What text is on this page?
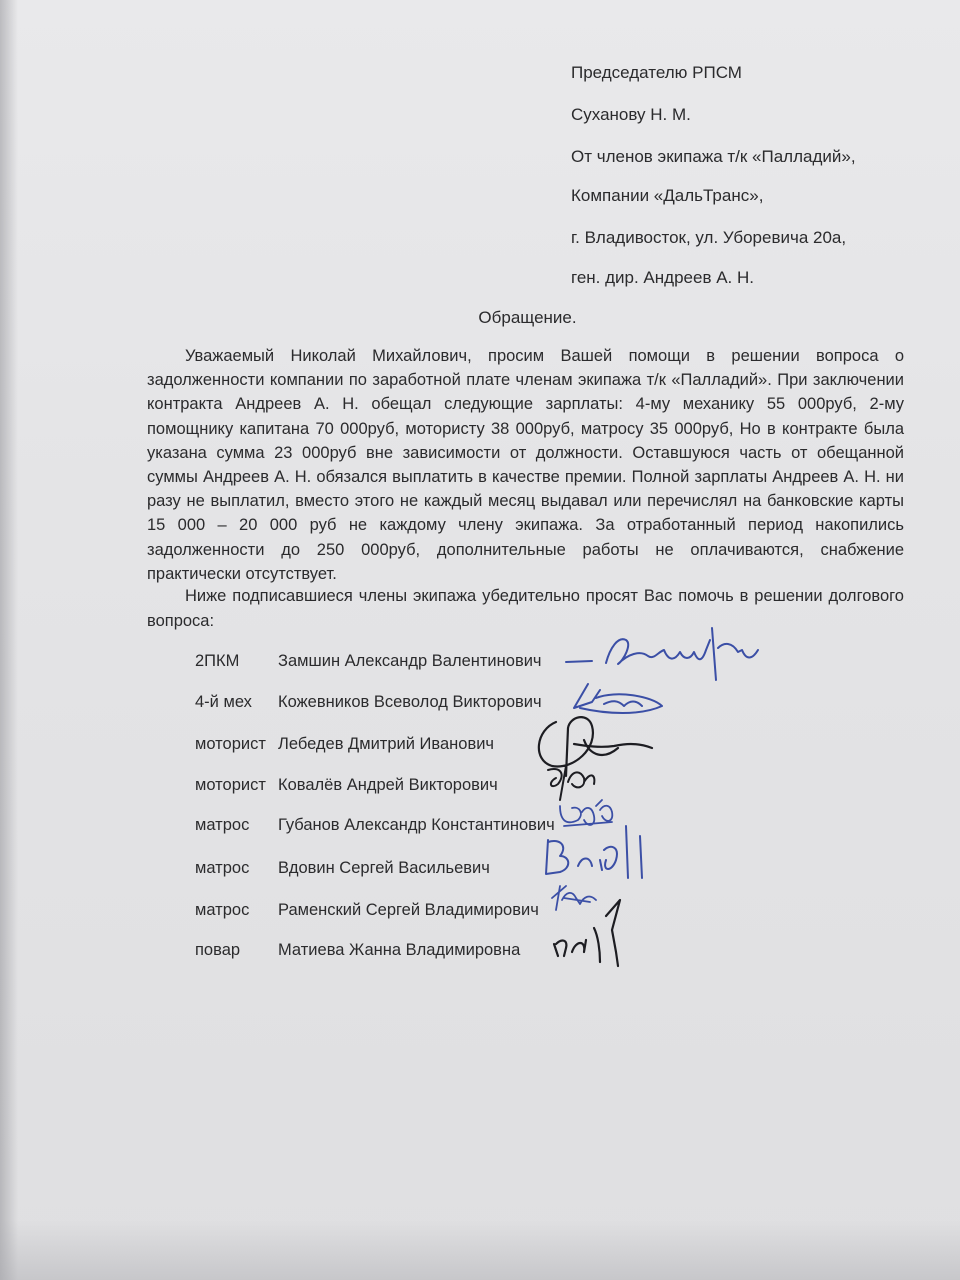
Председателю РПСМ
Суханову Н. М.
От членов экипажа т/к «Палладий»,
Компании «ДальТранс»,
г. Владивосток, ул. Уборевича 20а,
ген. дир. Андреев А. Н.
Обращение.
Уважаемый Николай Михайлович, просим Вашей помощи в решении вопроса о задолженности компании по заработной плате членам экипажа т/к «Палладий». При заключении контракта Андреев А. Н. обещал следующие зарплаты: 4-му механику 55 000руб, 2-му помощнику капитана 70 000руб, мотористу 38 000руб, матросу 35 000руб, Но в контракте была указана сумма 23 000руб вне зависимости от должности. Оставшуюся часть от обещанной суммы Андреев А. Н. обязался выплатить в качестве премии. Полной зарплаты Андреев А. Н. ни разу не выплатил, вместо этого не каждый месяц выдавал или перечислял на банковские карты 15 000 – 20 000 руб не каждому члену экипажа. За отработанный период накопились задолженности до 250 000руб, дополнительные работы не оплачиваются, снабжение практически отсутствует.
Ниже подписавшиеся члены экипажа убедительно просят Вас помочь в решении долгового вопроса:
2ПКМ Замшин Александр Валентинович
4-й мех Кожевников Всеволод Викторович
моторист Лебедев Дмитрий Иванович
моторист Ковалёв Андрей Викторович
матрос Губанов Александр Константинович
матрос Вдовин Сергей Васильевич
матрос Раменский Сергей Владимирович
повар Матиева Жанна Владимировна
